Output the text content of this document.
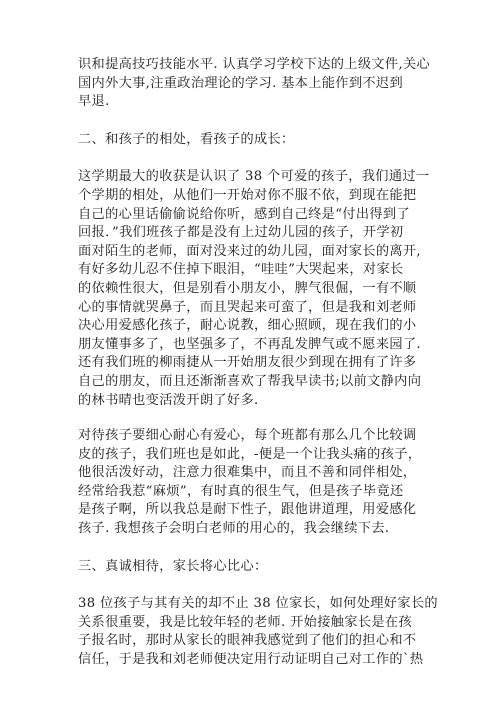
识和提高技巧技能水平. 认真学习学校下达的上级文件,关心
国内外大事,注重政治理论的学习. 基本上能作到不迟到
早退.

二、和孩子的相处，看孩子的成长：

这学期最大的收获是认识了 38 个可爱的孩子，我们通过一
个学期的相处，从他们一开始对你不服不依，到现在能把
自己的心里话偷偷说给你听，感到自己终是“付出得到了
回报．”我们班孩子都是没有上过幼儿园的孩子，开学初
面对陌生的老师，面对没来过的幼儿园，面对家长的离开,
有好多幼儿忍不住掉下眼泪，“哇哇”大哭起来，对家长
的依赖性很大，但是别看小朋友小，脾气很倔，一有不顺
心的事情就哭鼻子，而且哭起来可蛮了，但是我和刘老师
决心用爱感化孩子，耐心说教，细心照顾，现在我们的小
朋友懂事多了，也坚强多了，不再乱发脾气或不愿来园了.
还有我们班的柳雨捷从一开始朋友很少到现在拥有了许多
自己的朋友，而且还渐渐喜欢了帮我早读书;以前文静内向
的林书晴也变活泼开朗了好多.

对待孩子要细心耐心有爱心，每个班都有那么几个比较调
皮的孩子，我们班也是如此，-便是一个让我头痛的孩子，
他很活泼好动，注意力很难集中，而且不善和同伴相处，
经常给我惹“麻烦”，有时真的很生气，但是孩子毕竟还
是孩子啊，所以我总是耐下性子，跟他讲道理，用爱感化
孩子. 我想孩子会明白老师的用心的，我会继续下去.

三、真诚相待，家长将心比心：

38 位孩子与其有关的却不止 38 位家长，如何处理好家长的
关系很重要，我是比较年轻的老师. 开始接触家长是在孩
子报名时，那时从家长的眼神我感觉到了他们的担心和不
信任，于是我和刘老师便决定用行动证明自己对工作的`热
